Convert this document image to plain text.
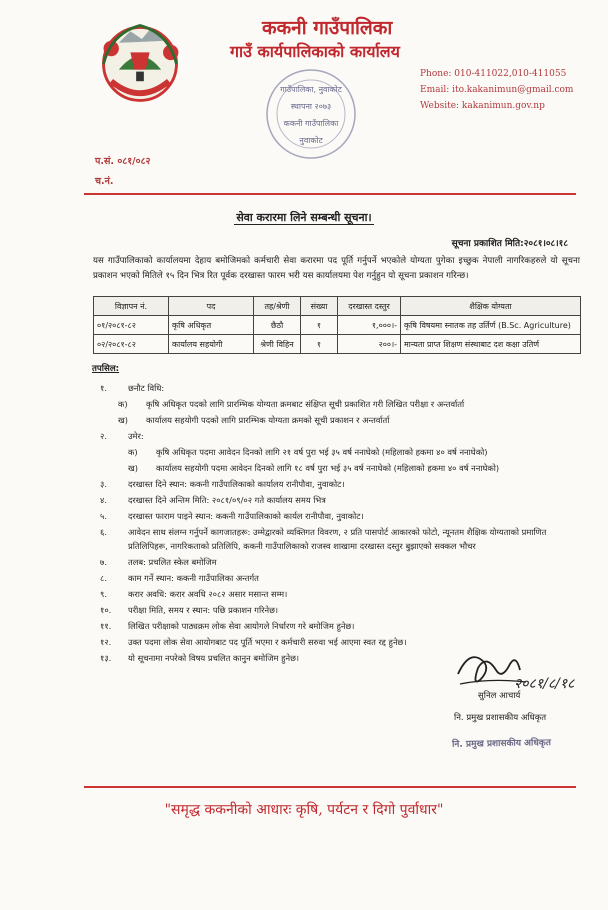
ककनी गाउँपालिका
गाउँ कार्यपालिकाको कार्यालय
गाउँपालिका, नुवाकोट
स्थापना २०७३
ककनी गाउँपालिका
नुवाकोट
Phone: 010-411022,010-411055
Email: ito.kakanimun@gmail.com
Website: kakanimun.gov.np
प.सं. ०८१/०८२
च.नं.
सेवा करारमा लिने सम्बन्धी सूचना।
सूचना प्रकाशित मिति:२०८१।०८।१८
यस गाउँपालिकाको कार्यालयमा देहाय बमोजिमको कर्मचारी सेवा करारमा पद पूर्ति गर्नुपर्ने भएकोले योग्यता पुगेका इच्छुक नेपाली नागरिकहरुले यो सूचना प्रकाशन भएको मितिले १५ दिन भित्र रित पूर्वक दरखास्त फारम भरी यस कार्यालयमा पेश गर्नुहुन यो सूचना प्रकाशन गरिन्छ।
विज्ञापन नं.	पद	तह/श्रेणी	संख्या	दरखास्त दस्तुर	शैक्षिक योग्यता
०१/२०८१-८२	कृषि अधिकृत	छैठौ	१	१,०००।-	कृषि विषयमा स्नातक तह उर्तिर्ण (B.Sc. Agriculture)
०२/२०८१-८२	कार्यालय सहयोगी	श्रेणी विहिन	१	२००।-	मान्यता प्राप्त शिक्षण संस्थाबाट दश कक्षा उतिर्ण
तपसिल:
१.	छनौट विधि:
क) कृषि अधिकृत पदको लागि प्रारम्भिक योग्यता क्रमबाट संक्षिप्त सूची प्रकाशित गरी लिखित परीक्षा र अन्तर्वार्ता
ख) कार्यालय सहयोगी पदको लागि प्रारम्भिक योग्यता क्रमको सूची प्रकाशन र अन्तर्वार्ता
२.	उमेर:
क) कृषि अधिकृत पदमा आवेदन दिनको लागि २१ वर्ष पुरा भई ३५ वर्ष ननाघेको (महिलाको हकमा ४० वर्ष ननाघेको)
ख) कार्यालय सहयोगी पदमा आवेदन दिनको लागि १८ वर्ष पुरा भई ३५ वर्ष ननाघेको (महिलाको हकमा ४० वर्ष ननाघेको)
३.	दरखास्त दिने स्थान: ककनी गाउँपालिकाको कार्यालय रानीपौवा, नुवाकोट।
४.	दरखास्त दिने अन्तिम मिति: २०८१/०९/०२ गते कार्यालय समय भित्र
५.	दरखास्त फाराम पाइने स्थान: ककनी गाउँपालिकाको कार्यल रानीपौवा, नुवाकोट।
६.	आवेदन साथ संलग्न गर्नुपर्ने कागजातहरू: उम्मेद्वारको व्यक्तिगत विवरण, २ प्रति पासपोर्ट आकारको फोटो, न्यूनतम शैक्षिक योग्यताको प्रमाणित
प्रतिलिपिहरू, नागरिकताको प्रतिलिपि, ककनी गाउँपालिकाको राजस्व शाखामा दरखास्त दस्तुर बुझाएको सक्कल भौचर
७.	तलब: प्रचलित स्केल बमोजिम
८.	काम गर्ने स्थान: ककनी गाउँपालिका अन्तर्गत
९.	करार अवधि: करार अवधि २०८२ असार मसान्त सम्म।
१०. परीक्षा मिति, समय र स्थान: पछि प्रकाशन गरिनेछ।
११. लिखित परीक्षाको पाठ्यक्रम लोक सेवा आयोगले निर्धारण गरे बमोजिम हुनेछ।
१२. उक्त पदमा लोक सेवा आयोगबाट पद पूर्ति भएमा र कर्मचारी सरुवा भई आएमा स्वत रद्द हुनेछ।
१३. यो सूचनामा नपरेको विषय प्रचलित कानुन बमोजिम हुनेछ।
२०८१/८/१८
सुनिल आचार्य
नि. प्रमुख प्रशासकीय अधिकृत
नि. प्रमुख प्रशासकीय अधिकृत
"समृद्ध ककनीको आधारः कृषि, पर्यटन र दिगो पुर्वाधार"
